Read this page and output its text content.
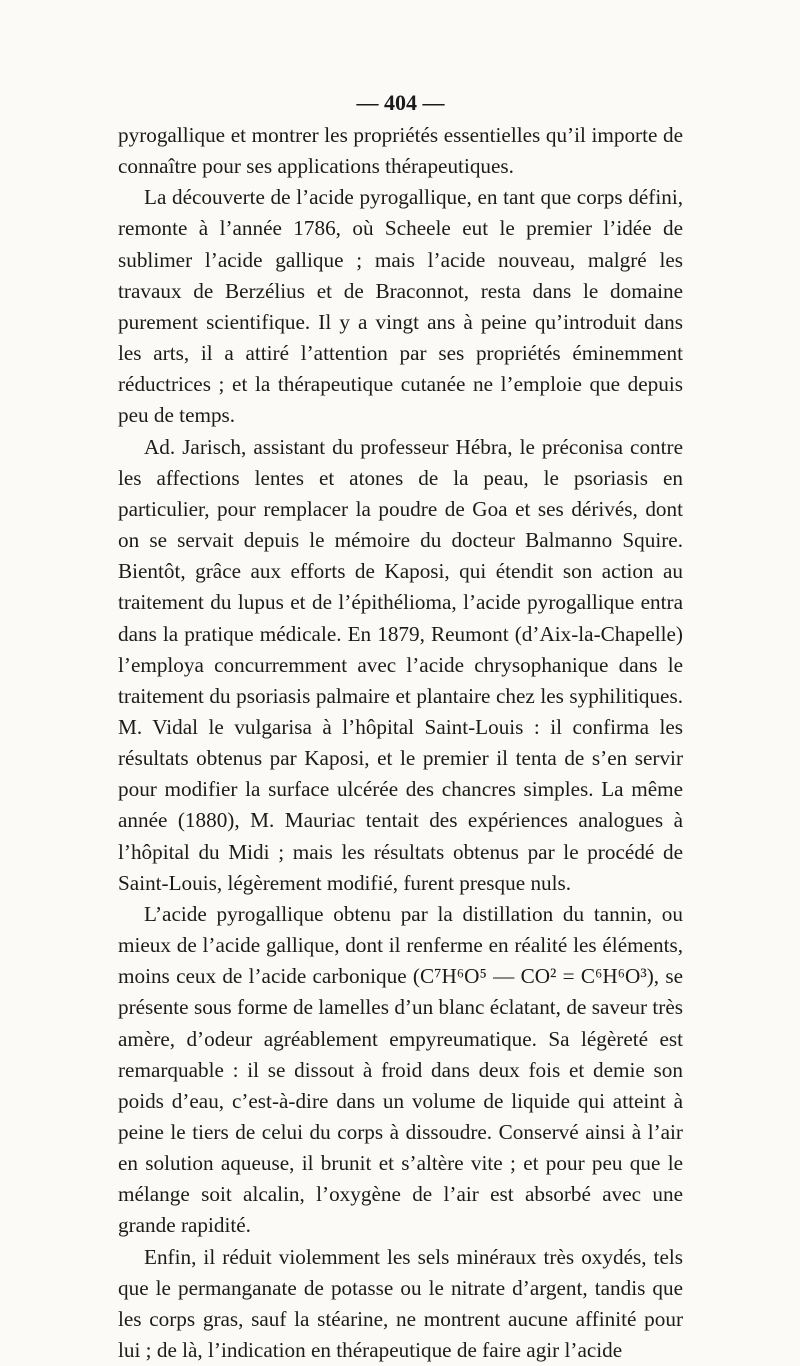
— 404 —

pyrogallique et montrer les propriétés essentielles qu’il importe de connaître pour ses applications thérapeutiques.

La découverte de l’acide pyrogallique, en tant que corps défini, remonte à l’année 1786, où Scheele eut le premier l’idée de sublimer l’acide gallique ; mais l’acide nouveau, malgré les travaux de Berzélius et de Braconnot, resta dans le domaine purement scientifique. Il y a vingt ans à peine qu’introduit dans les arts, il a attiré l’attention par ses propriétés éminemment réductrices ; et la thérapeutique cutanée ne l’emploie que depuis peu de temps.

Ad. Jarisch, assistant du professeur Hébra, le préconisa contre les affections lentes et atones de la peau, le psoriasis en particulier, pour remplacer la poudre de Goa et ses dérivés, dont on se servait depuis le mémoire du docteur Balmanno Squire. Bientôt, grâce aux efforts de Kaposi, qui étendit son action au traitement du lupus et de l’épithélioma, l’acide pyrogallique entra dans la pratique médicale. En 1879, Reumont (d’Aix-la-Chapelle) l’employa concurremment avec l’acide chrysophanique dans le traitement du psoriasis palmaire et plantaire chez les syphilitiques. M. Vidal le vulgarisa à l’hôpital Saint-Louis : il confirma les résultats obtenus par Kaposi, et le premier il tenta de s’en servir pour modifier la surface ulcérée des chancres simples. La même année (1880), M. Mauriac tentait des expériences analogues à l’hôpital du Midi ; mais les résultats obtenus par le procédé de Saint-Louis, légèrement modifié, furent presque nuls.

L’acide pyrogallique obtenu par la distillation du tannin, ou mieux de l’acide gallique, dont il renferme en réalité les éléments, moins ceux de l’acide carbonique (C⁷H⁶O⁵ — CO² = C⁶H⁶O³), se présente sous forme de lamelles d’un blanc éclatant, de saveur très amère, d’odeur agréablement empyreumatique. Sa légèreté est remarquable : il se dissout à froid dans deux fois et demie son poids d’eau, c’est-à-dire dans un volume de liquide qui atteint à peine le tiers de celui du corps à dissoudre. Conservé ainsi à l’air en solution aqueuse, il brunit et s’altère vite ; et pour peu que le mélange soit alcalin, l’oxygène de l’air est absorbé avec une grande rapidité.

Enfin, il réduit violemment les sels minéraux très oxydés, tels que le permanganate de potasse ou le nitrate d’argent, tandis que les corps gras, sauf la stéarine, ne montrent aucune affinité pour lui ; de là, l’indication en thérapeutique de faire agir l’acide
